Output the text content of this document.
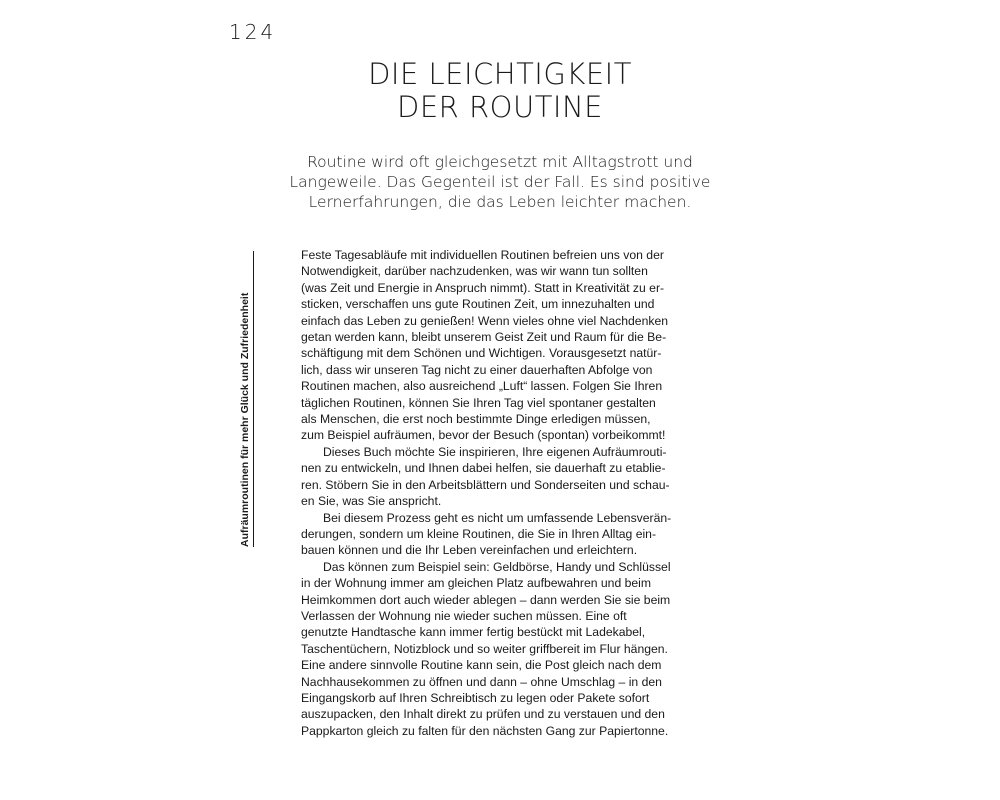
124
DIE LEICHTIGKEIT
DER ROUTINE

Routine wird oft gleichgesetzt mit Alltagstrott und
Langeweile. Das Gegenteil ist der Fall. Es sind positive
Lernerfahrungen, die das Leben leichter machen.

Aufräumroutinen für mehr Glück und Zufriedenheit
Feste Tagesabläufe mit individuellen Routinen befreien uns von der
Notwendigkeit, darüber nachzudenken, was wir wann tun sollten
(was Zeit und Energie in Anspruch nimmt). Statt in Kreativität zu er-
sticken, verschaffen uns gute Routinen Zeit, um innezuhalten und
einfach das Leben zu genießen! Wenn vieles ohne viel Nachdenken
getan werden kann, bleibt unserem Geist Zeit und Raum für die Be-
schäftigung mit dem Schönen und Wichtigen. Vorausgesetzt natür-
lich, dass wir unseren Tag nicht zu einer dauerhaften Abfolge von
Routinen machen, also ausreichend „Luft“ lassen. Folgen Sie Ihren
täglichen Routinen, können Sie Ihren Tag viel spontaner gestalten
als Menschen, die erst noch bestimmte Dinge erledigen müssen,
zum Beispiel aufräumen, bevor der Besuch (spontan) vorbeikommt!
Dieses Buch möchte Sie inspirieren, Ihre eigenen Aufräumrouti-
nen zu entwickeln, und Ihnen dabei helfen, sie dauerhaft zu etablie-
ren. Stöbern Sie in den Arbeitsblättern und Sonderseiten und schau-
en Sie, was Sie anspricht.
Bei diesem Prozess geht es nicht um umfassende Lebensverän-
derungen, sondern um kleine Routinen, die Sie in Ihren Alltag ein-
bauen können und die Ihr Leben vereinfachen und erleichtern.
Das können zum Beispiel sein: Geldbörse, Handy und Schlüssel
in der Wohnung immer am gleichen Platz aufbewahren und beim
Heimkommen dort auch wieder ablegen – dann werden Sie sie beim
Verlassen der Wohnung nie wieder suchen müssen. Eine oft
genutzte Handtasche kann immer fertig bestückt mit Ladekabel,
Taschentüchern, Notizblock und so weiter griffbereit im Flur hängen.
Eine andere sinnvolle Routine kann sein, die Post gleich nach dem
Nachhausekommen zu öffnen und dann – ohne Umschlag – in den
Eingangskorb auf Ihren Schreibtisch zu legen oder Pakete sofort
auszupacken, den Inhalt direkt zu prüfen und zu verstauen und den
Pappkarton gleich zu falten für den nächsten Gang zur Papiertonne.
